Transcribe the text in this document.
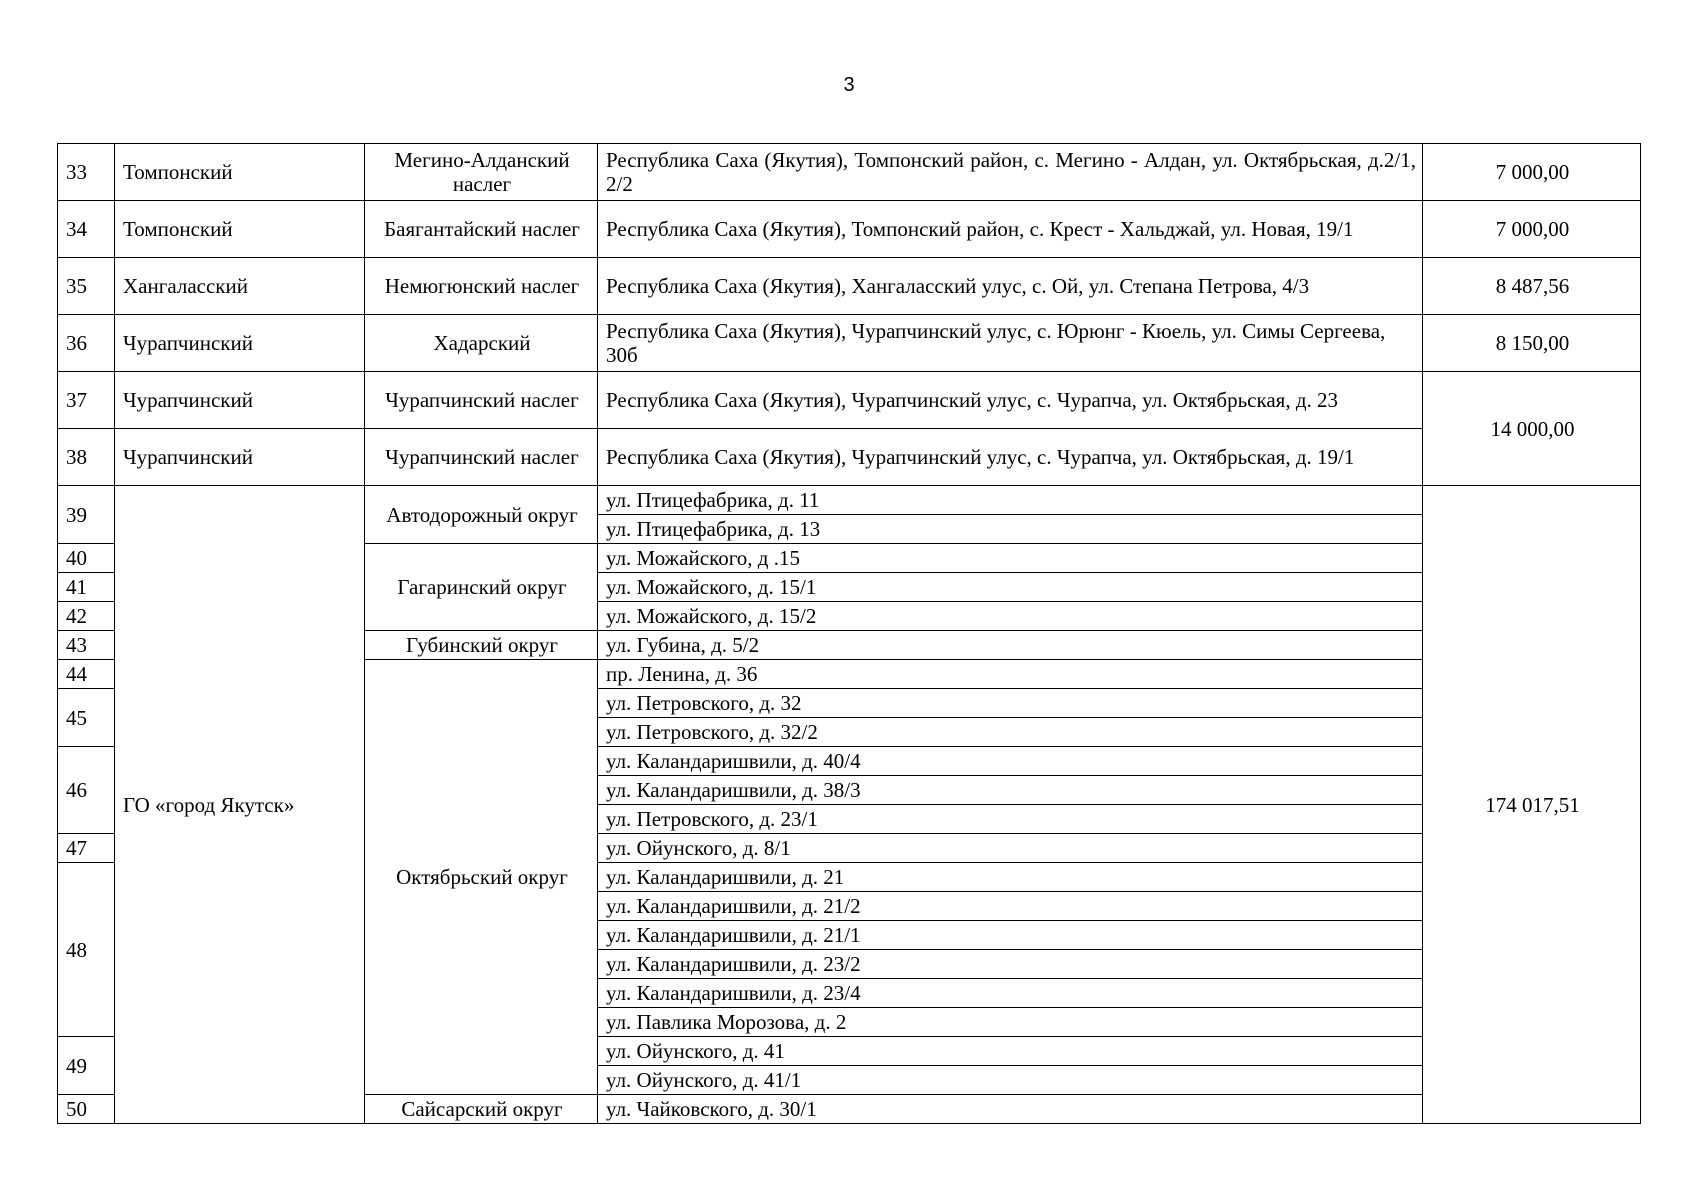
3
33	Томпонский	Мегино-Алданский наслег	Республика Саха (Якутия), Томпонский район, с. Мегино - Алдан, ул. Октябрьская, д.2/1, 2/2	7 000,00
34	Томпонский	Баягантайский наслег	Республика Саха (Якутия), Томпонский район, с. Крест - Хальджай, ул. Новая, 19/1	7 000,00
35	Хангаласский	Немюгюнский наслег	Республика Саха (Якутия), Хангаласский улус, с. Ой, ул. Степана Петрова, 4/3	8 487,56
36	Чурапчинский	Хадарский	Республика Саха (Якутия), Чурапчинский улус, с. Юрюнг - Кюель, ул. Симы Сергеева, 30б	8 150,00
37	Чурапчинский	Чурапчинский наслег	Республика Саха (Якутия), Чурапчинский улус, с. Чурапча, ул. Октябрьская, д. 23	14 000,00
38	Чурапчинский	Чурапчинский наслег	Республика Саха (Якутия), Чурапчинский улус, с. Чурапча, ул. Октябрьская, д. 19/1	
39	ГО «город Якутск»	Автодорожный округ	ул. Птицефабрика, д. 11	174 017,51
			ул. Птицефабрика, д. 13	
40		Гагаринский округ	ул. Можайского, д .15	
41			ул. Можайского, д. 15/1	
42			ул. Можайского, д. 15/2	
43		Губинский округ	ул. Губина, д. 5/2	
44		Октябрьский округ	пр. Ленина, д. 36	
45			ул. Петровского, д. 32	
			ул. Петровского, д. 32/2	
46			ул. Каландаришвили, д. 40/4	
			ул. Каландаришвили, д. 38/3	
			ул. Петровского, д. 23/1	
47			ул. Ойунского, д. 8/1	
48			ул. Каландаришвили, д. 21	
			ул. Каландаришвили, д. 21/2	
			ул. Каландаришвили, д. 21/1	
			ул. Каландаришвили, д. 23/2	
			ул. Каландаришвили, д. 23/4	
			ул. Павлика Морозова, д. 2	
49			ул. Ойунского, д. 41	
			ул. Ойунского, д. 41/1	
50		Сайсарский округ	ул. Чайковского, д. 30/1	
